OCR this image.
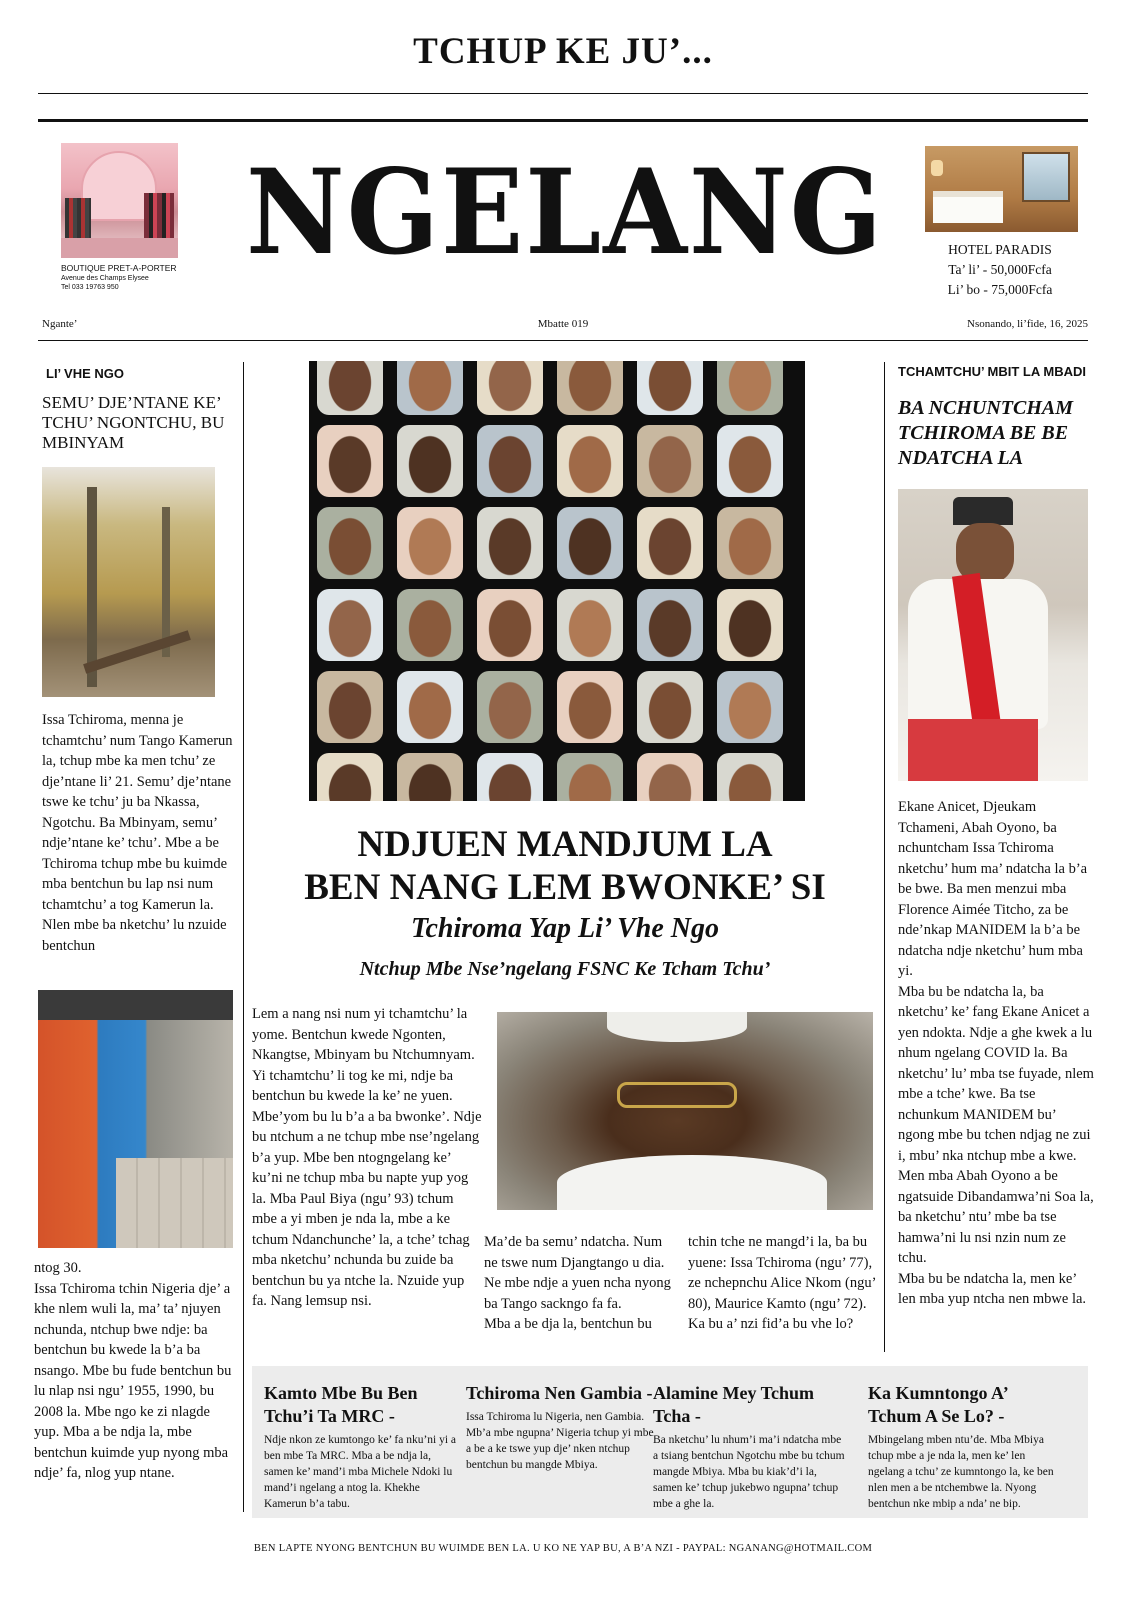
TCHUP KE JU’...
BOUTIQUE PRET-A-PORTER
Avenue des Champs Elysee
Tel 033 19763 950
NGELANG	HOTEL PARADIS
Ta’ li’ - 50,000Fcfa
Li’ bo - 75,000Fcfa
Ngante’	Mbatte 019	Nsonando, li’fide, 16, 2025
LI’ VHE NGO
SEMU’ DJE’NTANE KE’ TCHU’ NGONTCHU, BU MBINYAM
Issa Tchiroma, menna je tchamtchu’ num Tango Kamerun la, tchup mbe ka men tchu’ ze dje’ntane li’ 21. Semu’ dje’ntane tswe ke tchu’ ju ba Nkassa, Ngotchu. Ba Mbinyam, semu’ ndje’ntane ke’ tchu’. Mbe a be Tchiroma tchup mbe bu kuimde mba bentchun bu lap nsi num tchamtchu’ a tog Kamerun la. Nlen mbe ba nketchu’ lu nzuide bentchun
ntog 30.
Issa Tchiroma tchin Nigeria dje’ a khe nlem wuli la, ma’ ta’ njuyen nchunda, ntchup bwe ndje: ba bentchun bu kwede la b’a ba nsango. Mbe bu fude bentchun bu lu nlap nsi ngu’ 1955, 1990, bu 2008 la. Mbe ngo ke zi nlagde yup. Mba a be ndja la, mbe bentchun kuimde yup nyong mba ndje’ fa, nlog yup ntane.
NDJUEN MANDJUM LA
BEN NANG LEM BWONKE’ SI
Tchiroma Yap Li’ Vhe Ngo
Ntchup Mbe Nse’ngelang FSNC Ke Tcham Tchu’
Lem a nang nsi num yi tchamtchu’ la yome. Bentchun kwede Ngonten, Nkangtse, Mbinyam bu Ntchumnyam. Yi tchamtchu’ li tog ke mi, ndje ba bentchun bu kwede la ke’ ne yuen. Mbe’yom bu lu b’a a ba bwonke’. Ndje bu ntchum a ne tchup mbe nse’ngelang b’a yup. Mbe ben ntogngelang ke’ ku’ni ne tchup mba bu napte yup yog la. Mba Paul Biya (ngu’ 93) tchum mbe a yi mben je nda la, mbe a ke tchum Ndanchunche’ la, a tche’ tchag mba nketchu’ nchunda bu zuide ba bentchun bu ya ntche la. Nzuide yup fa. Nang lemsup nsi.
Ma’de ba semu’ ndatcha. Num ne tswe num Djangtango u dia. Ne mbe ndje a yuen ncha nyong ba Tango sackngo fa fa.
Mba a be dja la, bentchun bu
tchin tche ne mangd’i la, ba bu yuene: Issa Tchiroma (ngu’ 77), ze nchepnchu Alice Nkom (ngu’ 80), Maurice Kamto (ngu’ 72). Ka bu a’ nzi fid’a bu vhe lo?
TCHAMTCHU’ MBIT LA MBADI
BA NCHUNTCHAM TCHIROMA BE BE NDATCHA LA
Ekane Anicet, Djeukam Tchameni, Abah Oyono, ba nchuntcham Issa Tchiroma nketchu’ hum ma’ ndatcha la b’a be bwe. Ba men menzui mba Florence Aimée Titcho, za be nde’nkap MANIDEM la b’a be ndatcha ndje nketchu’ hum mba yi.
Mba bu be ndatcha la, ba nketchu’ ke’ fang Ekane Anicet a yen ndokta. Ndje a ghe kwek a lu nhum ngelang COVID la. Ba nketchu’ lu’ mba tse fuyade, nlem mbe a tche’ kwe. Ba tse nchunkum MANIDEM bu’ ngong mbe bu tchen ndjag ne zui i, mbu’ nka ntchup mbe a kwe.
Men mba Abah Oyono a be ngatsuide Dibandamwa’ni Soa la, ba nketchu’ ntu’ mbe ba tse hamwa’ni lu nsi nzin num ze tchu.
Mba bu be ndatcha la, men ke’ len mba yup ntcha nen mbwe la.
Kamto Mbe Bu Ben Tchu’i Ta MRC -
Ndje nkon ze kumtongo ke’ fa nku’ni yi a ben mbe Ta MRC. Mba a be ndja la, samen ke’ mand’i mba Michele Ndoki lu mand’i ngelang a ntog la. Khekhe Kamerun b’a tabu.
Tchiroma Nen Gambia -
Issa Tchiroma lu Nigeria, nen Gambia. Mb’a mbe ngupna’ Nigeria tchup yi mbe a be a ke tswe yup dje’ nken ntchup bentchun bu mangde Mbiya.
Alamine Mey Tchum Tcha -
Ba nketchu’ lu nhum’i ma’i ndatcha mbe a tsiang bentchun Ngotchu mbe bu tchum mangde Mbiya. Mba bu kiak’d’i la, samen ke’ tchup jukebwo ngupna’ tchup mbe a ghe la.
Ka Kumntongo A’ Tchum A Se Lo? -
Mbingelang mben ntu’de. Mba Mbiya tchup mbe a je nda la, men ke’ len ngelang a tchu’ ze kumntongo la, ke ben nlen men a be ntchembwe la. Nyong bentchun nke mbip a nda’ ne bip.
BEN LAPTE NYONG BENTCHUN BU WUIMDE BEN LA. U KO NE YAP BU, A B’A NZI - PAYPAL: NGANANG@HOTMAIL.COM
